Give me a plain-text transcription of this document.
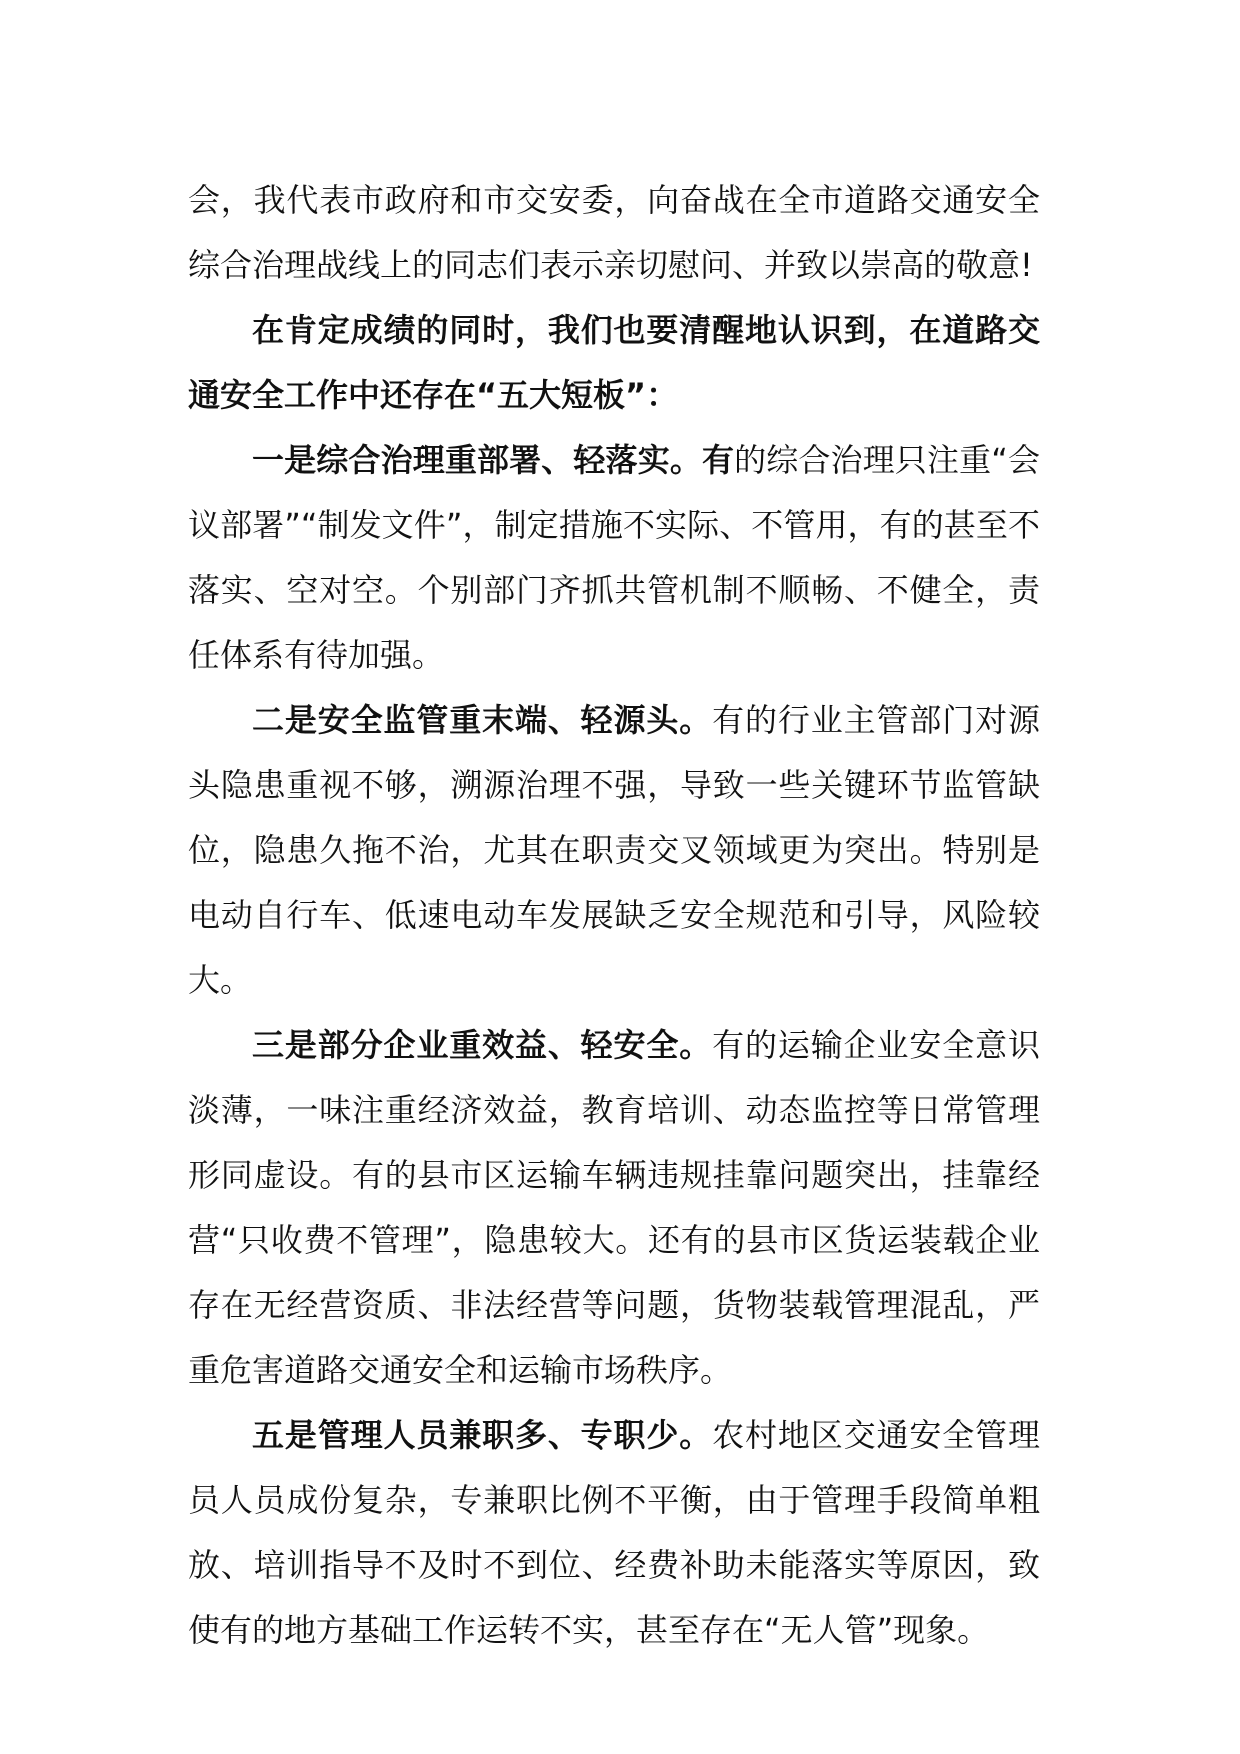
会，我代表市政府和市交安委，向奋战在全市道路交通安全综合治理战线上的同志们表示亲切慰问、并致以崇高的敬意!

在肯定成绩的同时，我们也要清醒地认识到，在道路交通安全工作中还存在“五大短板”：

一是综合治理重部署、轻落实。有的综合治理只注重“会议部署”“制发文件”，制定措施不实际、不管用，有的甚至不落实、空对空。个别部门齐抓共管机制不顺畅、不健全，责任体系有待加强。

二是安全监管重末端、轻源头。有的行业主管部门对源头隐患重视不够，溯源治理不强，导致一些关键环节监管缺位，隐患久拖不治，尤其在职责交叉领域更为突出。特别是电动自行车、低速电动车发展缺乏安全规范和引导，风险较大。

三是部分企业重效益、轻安全。有的运输企业安全意识淡薄，一味注重经济效益，教育培训、动态监控等日常管理形同虚设。有的县市区运输车辆违规挂靠问题突出，挂靠经营“只收费不管理”，隐患较大。还有的县市区货运装载企业存在无经营资质、非法经营等问题，货物装载管理混乱，严重危害道路交通安全和运输市场秩序。

五是管理人员兼职多、专职少。农村地区交通安全管理员人员成份复杂，专兼职比例不平衡，由于管理手段简单粗放、培训指导不及时不到位、经费补助未能落实等原因，致使有的地方基础工作运转不实，甚至存在“无人管”现象。
